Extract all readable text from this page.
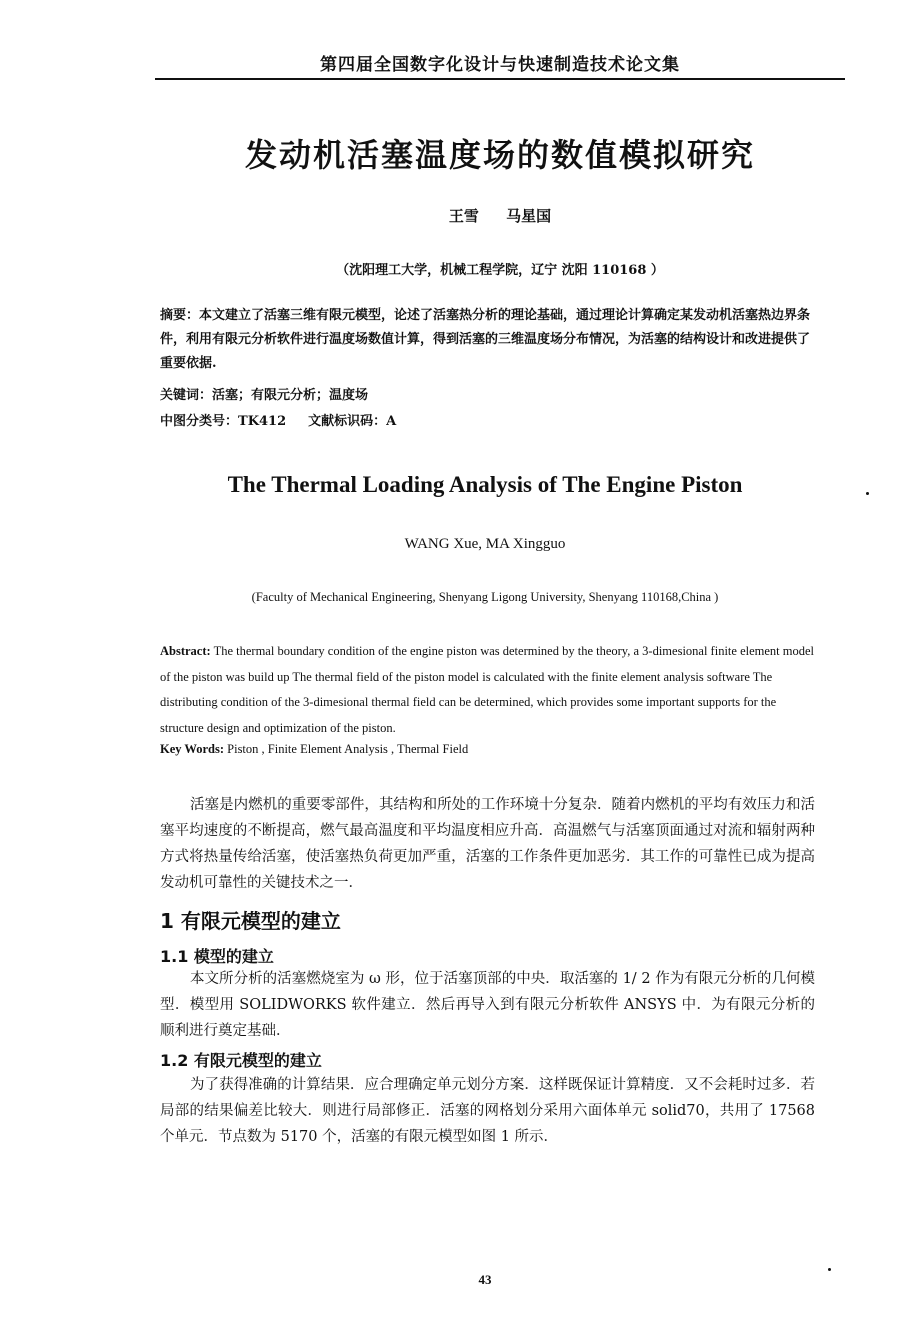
第四届全国数字化设计与快速制造技术论文集
发动机活塞温度场的数值模拟研究
王雪 马星国
（沈阳理工大学，机械工程学院，辽宁 沈阳 110168 ）
摘要：本文建立了活塞三维有限元模型，论述了活塞热分析的理论基础，通过理论计算确定某发动机活塞热边界条件，利用有限元分析软件进行温度场数值计算，得到活塞的三维温度场分布情况，为活塞的结构设计和改进提供了重要依据.
关键词：活塞；有限元分析；温度场
中图分类号：TK412 文献标识码：A
The Thermal Loading Analysis of The Engine Piston
WANG Xue, MA Xingguo
(Faculty of Mechanical Engineering, Shenyang Ligong University, Shenyang 110168,China )
Abstract: The thermal boundary condition of the engine piston was determined by the theory, a 3-dimesional finite element model of the piston was build up The thermal field of the piston model is calculated with the finite element analysis software The distributing condition of the 3-dimesional thermal field can be determined, which provides some important supports for the structure design and optimization of the piston.
Key Words: Piston , Finite Element Analysis , Thermal Field
活塞是内燃机的重要零部件，其结构和所处的工作环境十分复杂．随着内燃机的平均有效压力和活塞平均速度的不断提高，燃气最高温度和平均温度相应升高．高温燃气与活塞顶面通过对流和辐射两种方式将热量传给活塞，使活塞热负荷更加严重，活塞的工作条件更加恶劣．其工作的可靠性已成为提高发动机可靠性的关键技术之一．
1 有限元模型的建立
1.1 模型的建立
本文所分析的活塞燃烧室为 ω 形，位于活塞顶部的中央．取活塞的 1/ 2 作为有限元分析的几何模型．模型用 SOLIDWORKS 软件建立．然后再导入到有限元分析软件 ANSYS 中．为有限元分析的顺利进行奠定基础．
1.2 有限元模型的建立
为了获得准确的计算结果．应合理确定单元划分方案．这样既保证计算精度．又不会耗时过多．若局部的结果偏差比较大．则进行局部修正．活塞的网格划分采用六面体单元 solid70，共用了 17568 个单元．节点数为 5170 个，活塞的有限元模型如图 1 所示．
43
